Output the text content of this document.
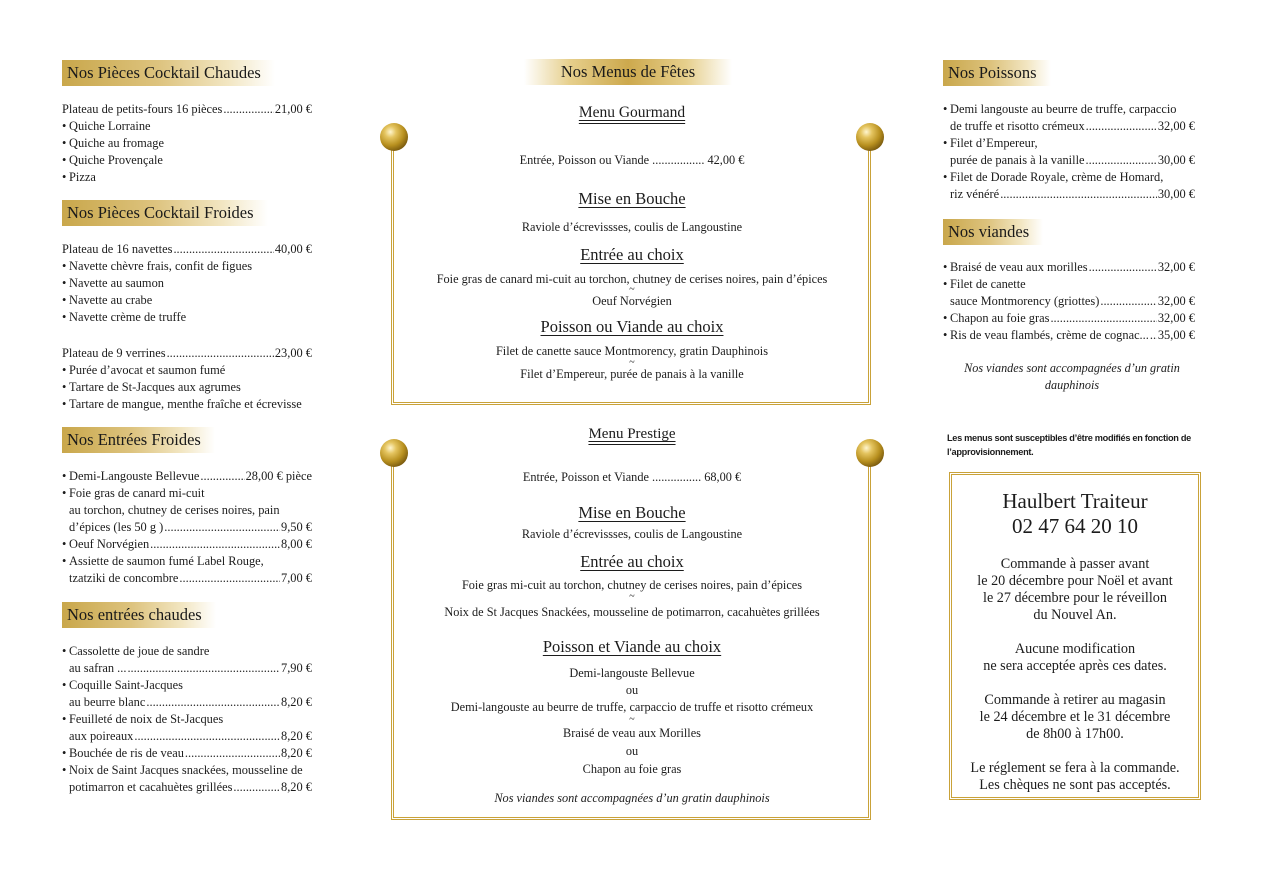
Nos Pièces Cocktail Chaudes
Plateau de petits-fours 16 pièces .....	21,00 €
• Quiche Lorraine
• Quiche au fromage
• Quiche Provençale
• Pizza
Nos Pièces Cocktail Froides
Plateau de 16 navettes .....	40,00 €
• Navette chèvre frais, confit de figues
• Navette au saumon
• Navette au crabe
• Navette crème de truffe
Plateau de 9 verrines .....	23,00 €
• Purée d’avocat et saumon fumé
• Tartare de St-Jacques aux agrumes
• Tartare de mangue, menthe fraîche et écrevisse
Nos Entrées Froides
• Demi-Langouste Bellevue .....	28,00 € pièce
• Foie gras de canard mi-cuit
au torchon, chutney de cerises noires, pain
d’épices (les 50 g ) .....	9,50 €
• Oeuf Norvégien .....	8,00 €
• Assiette de saumon fumé Label Rouge,
tzatziki de concombre .....	7,00 €
Nos entrées chaudes
• Cassolette de joue de sandre
au safran ... .....	7,90 €
• Coquille Saint-Jacques
au beurre blanc .....	8,20 €
• Feuilleté de noix de St-Jacques
aux poireaux .....	8,20 €
• Bouchée de ris de veau .....	8,20 €
• Noix de Saint Jacques snackées, mousseline de
potimarron et cacahuètes grillées .....	8,20 €
Nos Menus de Fêtes
Menu Gourmand
Entrée, Poisson ou Viande ................. 42,00 €
Mise en Bouche
Raviole d’écrevissses, coulis de Langoustine
Entrée au choix
Foie gras de canard mi-cuit au torchon, chutney de cerises noires, pain d’épices
~
Oeuf Norvégien
Poisson ou Viande au choix
Filet de canette sauce Montmorency, gratin Dauphinois
~
Filet d’Empereur, purée de panais à la vanille
Menu Prestige
Entrée, Poisson et Viande ................ 68,00 €
Mise en Bouche
Raviole d’écrevissses, coulis de Langoustine
Entrée au choix
Foie gras mi-cuit au torchon, chutney de cerises noires, pain d’épices
~
Noix de St Jacques Snackées, mousseline de potimarron, cacahuètes grillées
Poisson et Viande au choix
Demi-langouste Bellevue
ou
Demi-langouste au beurre de truffe, carpaccio de truffe et risotto crémeux
~
Braisé de veau aux Morilles
ou
Chapon au foie gras
Nos viandes sont accompagnées d’un gratin dauphinois
Nos Poissons
• Demi langouste au beurre de truffe, carpaccio
de truffe et risotto crémeux .....	32,00 €
• Filet d’Empereur,
purée de panais à la vanille .....	30,00 €
• Filet de Dorade Royale, crème de Homard,
riz vénéré .....	30,00 €
Nos viandes
• Braisé de veau aux morilles .....	32,00 €
• Filet de canette
sauce Montmorency (griottes) .....	32,00 €
• Chapon au foie gras .....	32,00 €
• Ris de veau flambés, crème de cognac... ..... 35,00 €
Nos viandes sont accompagnées d’un gratin
dauphinois
Les menus sont susceptibles d’être modifiés en fonction de
l’approvisionnement.
Haulbert Traiteur
02 47 64 20 10
Commande à passer avant
le 20 décembre pour Noël et avant
le 27 décembre pour le réveillon
du Nouvel An.
Aucune modification
ne sera acceptée après ces dates.
Commande à retirer au magasin
le 24 décembre et le 31 décembre
de 8h00 à 17h00.
Le réglement se fera à la commande.
Les chèques ne sont pas acceptés.
